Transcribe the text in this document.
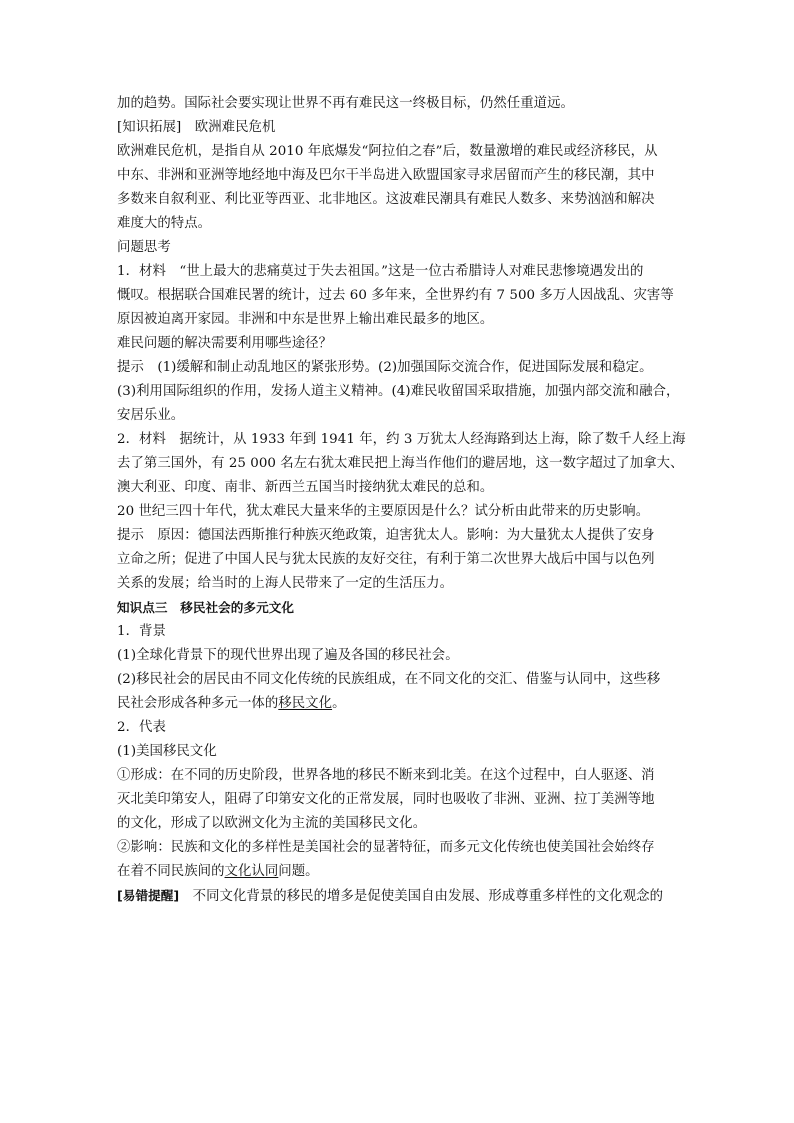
加的趋势。国际社会要实现让世界不再有难民这一终极目标，仍然任重道远。
[知识拓展]　欧洲难民危机
欧洲难民危机，是指自从 2010 年底爆发“阿拉伯之春”后，数量激增的难民或经济移民，从
中东、非洲和亚洲等地经地中海及巴尔干半岛进入欧盟国家寻求居留而产生的移民潮，其中
多数来自叙利亚、利比亚等西亚、北非地区。这波难民潮具有难民人数多、来势汹汹和解决
难度大的特点。
问题思考
1．材料　“世上最大的悲痛莫过于失去祖国。”这是一位古希腊诗人对难民悲惨境遇发出的
慨叹。根据联合国难民署的统计，过去 60 多年来，全世界约有 7 500 多万人因战乱、灾害等
原因被迫离开家园。非洲和中东是世界上输出难民最多的地区。
难民问题的解决需要利用哪些途径？
提示　(1)缓解和制止动乱地区的紧张形势。(2)加强国际交流合作，促进国际发展和稳定。
(3)利用国际组织的作用，发扬人道主义精神。(4)难民收留国采取措施，加强内部交流和融合，
安居乐业。
2．材料　据统计，从 1933 年到 1941 年，约 3 万犹太人经海路到达上海，除了数千人经上海
去了第三国外，有 25 000 名左右犹太难民把上海当作他们的避居地，这一数字超过了加拿大、
澳大利亚、印度、南非、新西兰五国当时接纳犹太难民的总和。
20 世纪三四十年代，犹太难民大量来华的主要原因是什么？试分析由此带来的历史影响。
提示　原因：德国法西斯推行种族灭绝政策，迫害犹太人。影响：为大量犹太人提供了安身
立命之所；促进了中国人民与犹太民族的友好交往，有利于第二次世界大战后中国与以色列
关系的发展；给当时的上海人民带来了一定的生活压力。
知识点三　移民社会的多元文化
1．背景
(1)全球化背景下的现代世界出现了遍及各国的移民社会。
(2)移民社会的居民由不同文化传统的民族组成，在不同文化的交汇、借鉴与认同中，这些移
民社会形成各种多元一体的移民文化。
2．代表
(1)美国移民文化
①形成：在不同的历史阶段，世界各地的移民不断来到北美。在这个过程中，白人驱逐、消
灭北美印第安人，阻碍了印第安文化的正常发展，同时也吸收了非洲、亚洲、拉丁美洲等地
的文化，形成了以欧洲文化为主流的美国移民文化。
②影响：民族和文化的多样性是美国社会的显著特征，而多元文化传统也使美国社会始终存
在着不同民族间的文化认同问题。
[易错提醒]　不同文化背景的移民的增多是促使美国自由发展、形成尊重多样性的文化观念的
